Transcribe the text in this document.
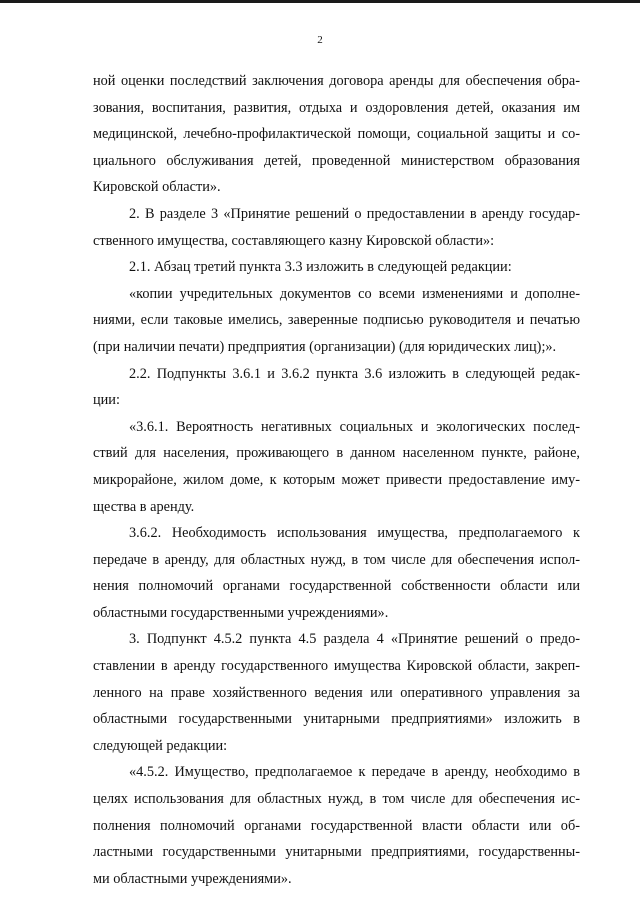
2

ной оценки последствий заключения договора аренды для обеспечения обра-
зования, воспитания, развития, отдыха и оздоровления детей, оказания им
медицинской, лечебно-профилактической помощи, социальной защиты и со-
циального обслуживания детей, проведенной министерством образования
Кировской области».

2. В разделе 3 «Принятие решений о предоставлении в аренду государ-
ственного имущества, составляющего казну Кировской области»:

2.1. Абзац третий пункта 3.3 изложить в следующей редакции:

«копии учредительных документов со всеми изменениями и дополне-
ниями, если таковые имелись, заверенные подписью руководителя и печатью
(при наличии печати) предприятия (организации) (для юридических лиц);».

2.2. Подпункты 3.6.1 и 3.6.2 пункта 3.6 изложить в следующей редак-
ции:

«3.6.1. Вероятность негативных социальных и экологических послед-
ствий для населения, проживающего в данном населенном пункте, районе,
микрорайоне, жилом доме, к которым может привести предоставление иму-
щества в аренду.

3.6.2. Необходимость использования имущества, предполагаемого к
передаче в аренду, для областных нужд, в том числе для обеспечения испол-
нения полномочий органами государственной собственности области или
областными государственными учреждениями».

3. Подпункт 4.5.2 пункта 4.5 раздела 4 «Принятие решений о предо-
ставлении в аренду государственного имущества Кировской области, закреп-
ленного на праве хозяйственного ведения или оперативного управления за
областными государственными унитарными предприятиями» изложить в
следующей редакции:

«4.5.2. Имущество, предполагаемое к передаче в аренду, необходимо в
целях использования для областных нужд, в том числе для обеспечения ис-
полнения полномочий органами государственной власти области или об-
ластными государственными унитарными предприятиями, государственны-
ми областными учреждениями».
